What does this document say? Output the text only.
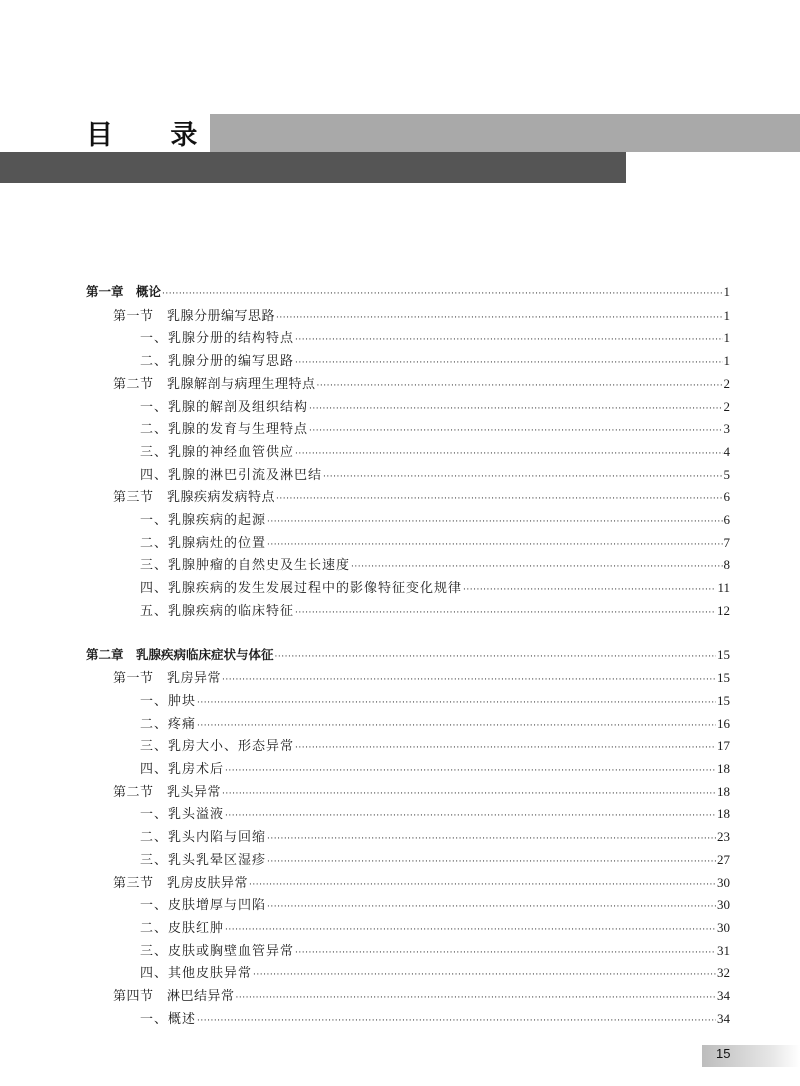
目 录
第一章　概论 ·····	1
第一节　乳腺分册编写思路 ·····	1
一、乳腺分册的结构特点 ·····	1
二、乳腺分册的编写思路 ·····	1
第二节　乳腺解剖与病理生理特点 ·····	2
一、乳腺的解剖及组织结构 ·····	2
二、乳腺的发育与生理特点 ·····	3
三、乳腺的神经血管供应 ·····	4
四、乳腺的淋巴引流及淋巴结 ·····	5
第三节　乳腺疾病发病特点 ·····	6
一、乳腺疾病的起源 ·····	6
二、乳腺病灶的位置 ·····	7
三、乳腺肿瘤的自然史及生长速度 ·····	8
四、乳腺疾病的发生发展过程中的影像特征变化规律 ·····	11
五、乳腺疾病的临床特征 ·····	12
第二章　乳腺疾病临床症状与体征 ·····	15
第一节　乳房异常 ·····	15
一、肿块 ·····	15
二、疼痛 ·····	16
三、乳房大小、形态异常 ·····	17
四、乳房术后 ·····	18
第二节　乳头异常 ·····	18
一、乳头溢液 ·····	18
二、乳头内陷与回缩 ·····	23
三、乳头乳晕区湿疹 ·····	27
第三节　乳房皮肤异常 ·····	30
一、皮肤增厚与凹陷 ·····	30
二、皮肤红肿 ·····	30
三、皮肤或胸壁血管异常 ·····	31
四、其他皮肤异常 ·····	32
第四节　淋巴结异常 ·····	34
一、概述 ·····	34
15
